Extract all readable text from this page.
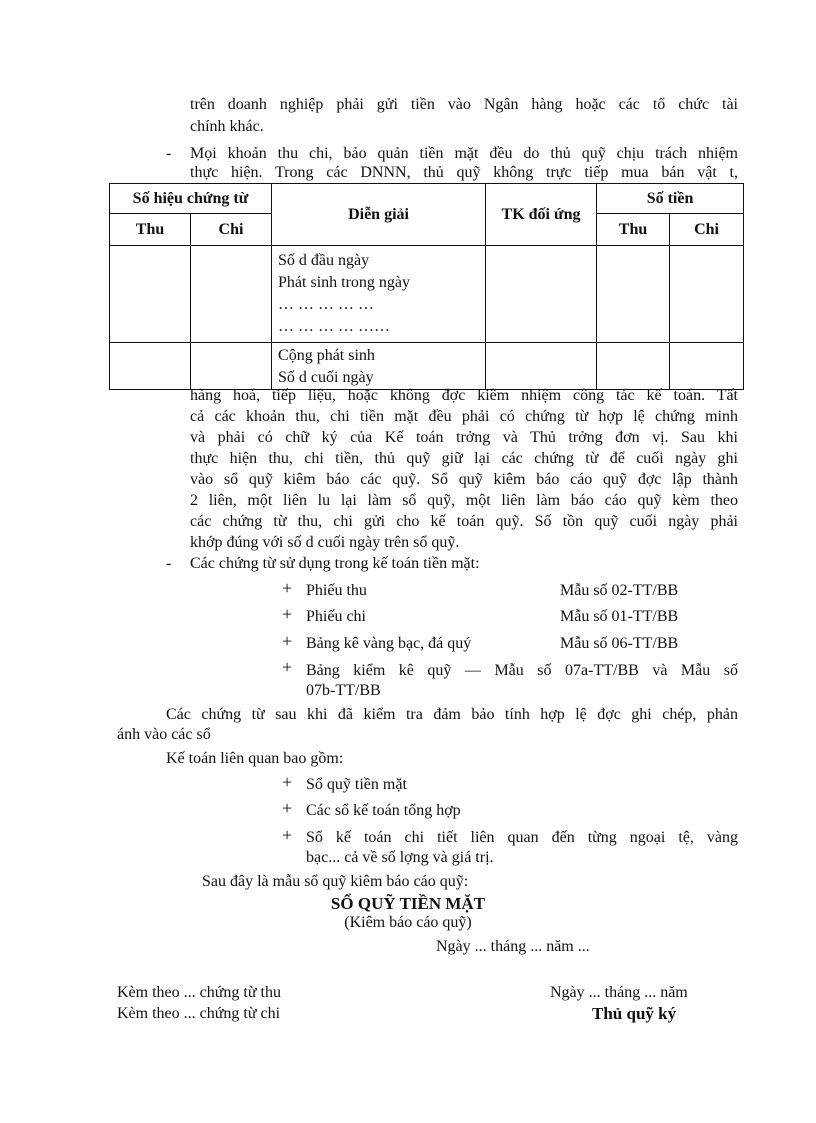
trên doanh nghiệp phải gửi tiền vào Ngân hàng hoặc các tổ chức tài
chính khác.
- Mọi khoản thu chi, bảo quản tiền mặt đều do thủ quỹ chịu trách nhiệm
thực hiện. Trong các DNNN, thủ quỹ không trực tiếp mua bán vật t,
Số hiệu chứng từ		Diễn giải	TK đối ứng	Số tiền	
Thu	Chi			Thu	Chi

		Số d đầu ngày
Phát sinh trong ngày
… … … … …
… … … … ……			

		Cộng phát sinh
Số d cuối ngày			

hàng hoá, tiếp liệu, hoặc không đợc kiêm nhiệm công tác kế toán. Tất
cả các khoản thu, chi tiền mặt đều phải có chứng từ hợp lệ chứng minh
và phải có chữ ký của Kế toán trởng và Thủ trởng đơn vị. Sau khi
thực hiện thu, chi tiền, thủ quỹ giữ lại các chứng từ để cuối ngày ghi
vào sổ quỹ kiêm báo các quỹ. Sổ quỹ kiêm báo cáo quỹ đợc lập thành
2 liên, một liên lu lại làm sổ quỹ, một liên làm báo cáo quỹ kèm theo
các chứng từ thu, chi gửi cho kế toán quỹ. Số tồn quỹ cuối ngày phải
khớp đúng với số d cuối ngày trên sổ quỹ.
- Các chứng từ sử dụng trong kế toán tiền mặt:
+ Phiếu thu	Mẫu số 02-TT/BB
+ Phiếu chi	Mẫu số 01-TT/BB
+ Bảng kê vàng bạc, đá quý	Mẫu số 06-TT/BB
+ Bảng kiểm kê quỹ — Mẫu số 07a-TT/BB và Mẫu số
07b-TT/BB
Các chứng từ sau khi đã kiểm tra đảm bảo tính hợp lệ đợc ghi chép, phản
ánh vào các sổ
Kế toán liên quan bao gồm:
+ Sổ quỹ tiền mặt
+ Các sổ kế toán tổng hợp
+ Sổ kế toán chi tiết liên quan đến từng ngoại tệ, vàng
bạc... cả về số lợng và giá trị.
Sau đây là mẫu sổ quỹ kiêm báo cáo quỹ:
SỔ QUỸ TIỀN MẶT
(Kiêm báo cáo quỹ)
Ngày ... tháng ... năm ...
Kèm theo ... chứng từ thu	Ngày ... tháng ... năm
Kèm theo ... chứng từ chi	Thủ quỹ ký
